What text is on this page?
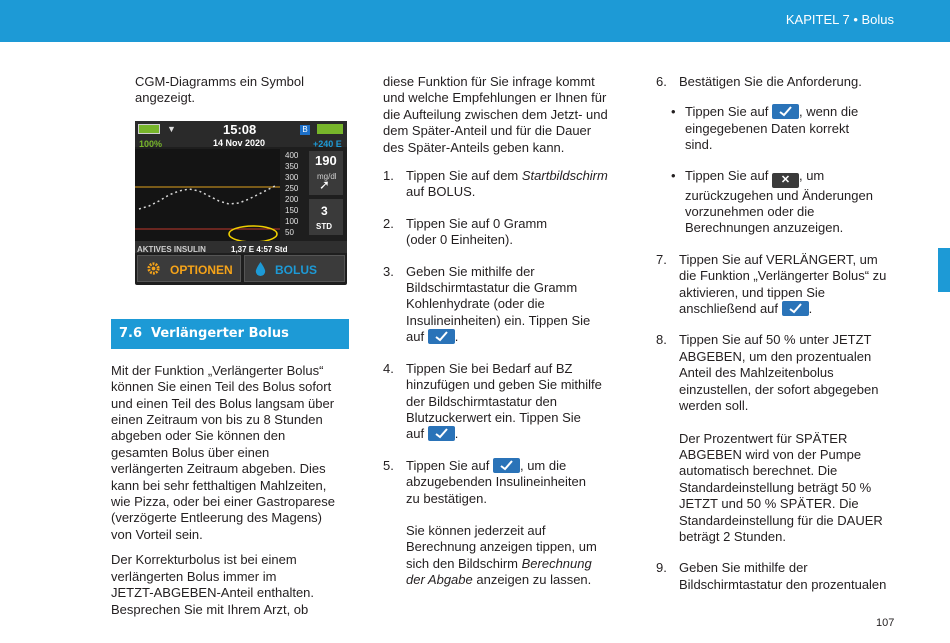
KAPITEL 7 • Bolus
CGM-Diagramms ein Symbol
angezeigt.
▼
100%
15:08
14 Nov 2020
B
+240 E
400
350
300
250
200
150
100
50
190
mg/dl
➚
3
STD
AKTIVES INSULIN	1,37 E 4:57 Std
OPTIONEN	BOLUS
7.6 Verlängerter Bolus
Mit der Funktion „Verlängerter Bolus“
können Sie einen Teil des Bolus sofort
und einen Teil des Bolus langsam über
einen Zeitraum von bis zu 8 Stunden
abgeben oder Sie können den
gesamten Bolus über einen
verlängerten Zeitraum abgeben. Dies
kann bei sehr fetthaltigen Mahlzeiten,
wie Pizza, oder bei einer Gastroparese
(verzögerte Entleerung des Magens)
von Vorteil sein.
Der Korrekturbolus ist bei einem
verlängerten Bolus immer im
JETZT-ABGEBEN-Anteil enthalten.
Besprechen Sie mit Ihrem Arzt, ob
diese Funktion für Sie infrage kommt
und welche Empfehlungen er Ihnen für
die Aufteilung zwischen dem Jetzt- und
dem Später-Anteil und für die Dauer
des Später-Anteils geben kann.
1. Tippen Sie auf dem Startbildschirm
auf BOLUS.
2. Tippen Sie auf 0 Gramm
(oder 0 Einheiten).
3. Geben Sie mithilfe der
Bildschirmtastatur die Gramm
Kohlenhydrate (oder die
Insulineinheiten) ein. Tippen Sie
auf
.
4. Tippen Sie bei Bedarf auf BZ
hinzufügen und geben Sie mithilfe
der Bildschirmtastatur den
Blutzuckerwert ein. Tippen Sie
auf
.
5. Tippen Sie auf
, um die
abzugebenden Insulineinheiten
zu bestätigen.
Sie können jederzeit auf
Berechnung anzeigen tippen, um
sich den Bildschirm Berechnung
der Abgabe anzeigen zu lassen.
6. Bestätigen Sie die Anforderung.
• Tippen Sie auf
, wenn die
eingegebenen Daten korrekt
sind.
• Tippen Sie auf ✕ , um
zurückzugehen und Änderungen
vorzunehmen oder die
Berechnungen anzuzeigen.
7. Tippen Sie auf VERLÄNGERT, um
die Funktion „Verlängerter Bolus“ zu
aktivieren, und tippen Sie
anschließend auf
.
8. Tippen Sie auf 50 % unter JETZT
ABGEBEN, um den prozentualen
Anteil des Mahlzeitenbolus
einzustellen, der sofort abgegeben
werden soll.
Der Prozentwert für SPÄTER
ABGEBEN wird von der Pumpe
automatisch berechnet. Die
Standardeinstellung beträgt 50 %
JETZT und 50 % SPÄTER. Die
Standardeinstellung für die DAUER
beträgt 2 Stunden.
9. Geben Sie mithilfe der
Bildschirmtastatur den prozentualen
107
